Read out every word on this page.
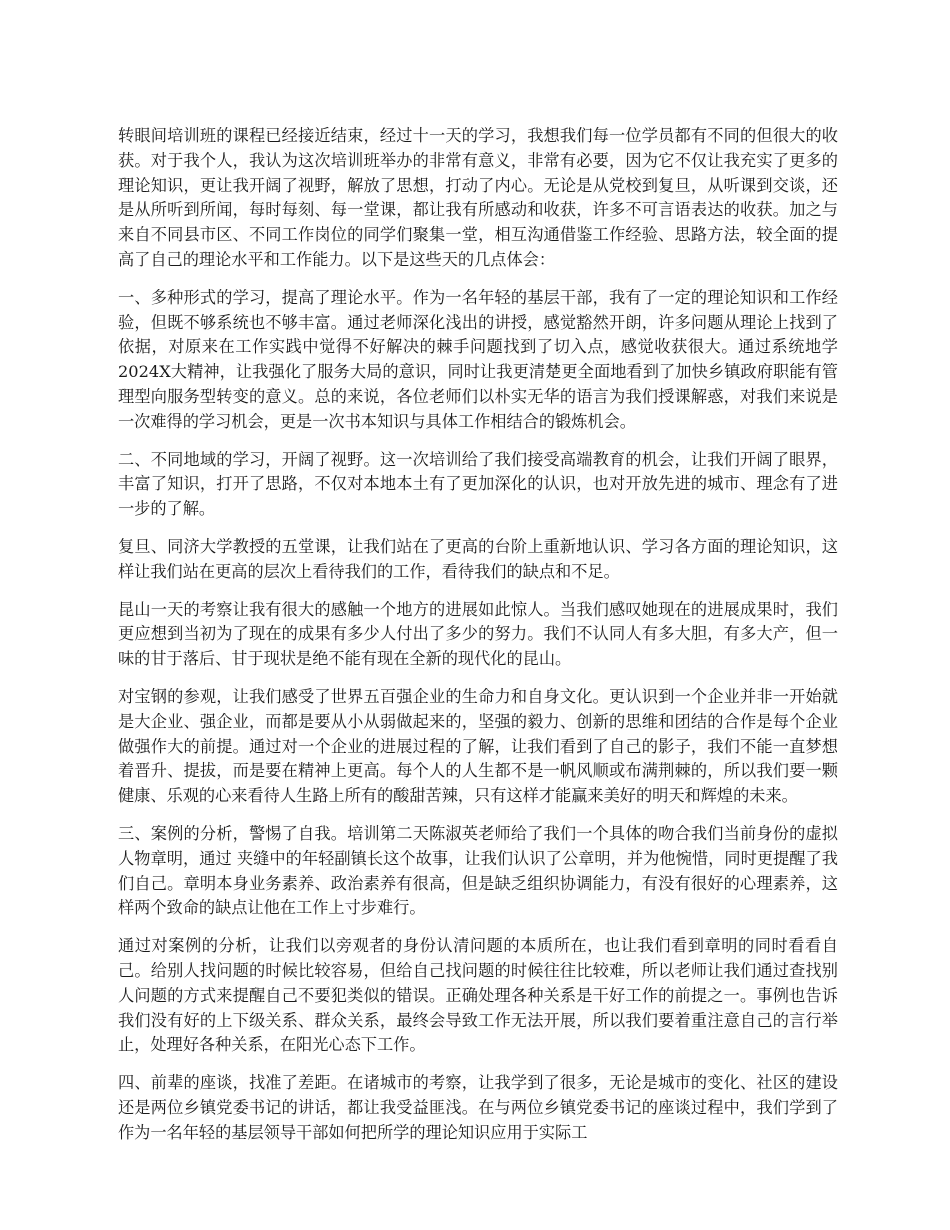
转眼间培训班的课程已经接近结束，经过十一天的学习，我想我们每一位学员都有不同的但很大的收获。对于我个人，我认为这次培训班举办的非常有意义，非常有必要，因为它不仅让我充实了更多的理论知识，更让我开阔了视野，解放了思想，打动了内心。无论是从党校到复旦，从听课到交谈，还是从所听到所闻，每时每刻、每一堂课，都让我有所感动和收获，许多不可言语表达的收获。加之与来自不同县市区、不同工作岗位的同学们聚集一堂，相互沟通借鉴工作经验、思路方法，较全面的提高了自己的理论水平和工作能力。以下是这些天的几点体会：

一、多种形式的学习，提高了理论水平。作为一名年轻的基层干部，我有了一定的理论知识和工作经验，但既不够系统也不够丰富。通过老师深化浅出的讲授，感觉豁然开朗，许多问题从理论上找到了依据，对原来在工作实践中觉得不好解决的棘手问题找到了切入点，感觉收获很大。通过系统地学2024X大精神，让我强化了服务大局的意识，同时让我更清楚更全面地看到了加快乡镇政府职能有管理型向服务型转变的意义。总的来说，各位老师们以朴实无华的语言为我们授课解惑，对我们来说是一次难得的学习机会，更是一次书本知识与具体工作相结合的锻炼机会。

二、不同地域的学习，开阔了视野。这一次培训给了我们接受高端教育的机会，让我们开阔了眼界，丰富了知识，打开了思路，不仅对本地本土有了更加深化的认识，也对开放先进的城市、理念有了进一步的了解。

复旦、同济大学教授的五堂课，让我们站在了更高的台阶上重新地认识、学习各方面的理论知识，这样让我们站在更高的层次上看待我们的工作，看待我们的缺点和不足。

昆山一天的考察让我有很大的感触一个地方的进展如此惊人。当我们感叹她现在的进展成果时，我们更应想到当初为了现在的成果有多少人付出了多少的努力。我们不认同人有多大胆，有多大产，但一味的甘于落后、甘于现状是绝不能有现在全新的现代化的昆山。

对宝钢的参观，让我们感受了世界五百强企业的生命力和自身文化。更认识到一个企业并非一开始就是大企业、强企业，而都是要从小从弱做起来的，坚强的毅力、创新的思维和团结的合作是每个企业做强作大的前提。通过对一个企业的进展过程的了解，让我们看到了自己的影子，我们不能一直梦想着晋升、提拔，而是要在精神上更高。每个人的人生都不是一帆风顺或布满荆棘的，所以我们要一颗健康、乐观的心来看待人生路上所有的酸甜苦辣，只有这样才能赢来美好的明天和辉煌的未来。

三、案例的分析，警惕了自我。培训第二天陈淑英老师给了我们一个具体的吻合我们当前身份的虚拟人物章明，通过 夹缝中的年轻副镇长这个故事，让我们认识了公章明，并为他惋惜，同时更提醒了我们自己。章明本身业务素养、政治素养有很高，但是缺乏组织协调能力，有没有很好的心理素养，这样两个致命的缺点让他在工作上寸步难行。

通过对案例的分析，让我们以旁观者的身份认清问题的本质所在，也让我们看到章明的同时看看自己。给别人找问题的时候比较容易，但给自己找问题的时候往往比较难，所以老师让我们通过查找别人问题的方式来提醒自己不要犯类似的错误。正确处理各种关系是干好工作的前提之一。事例也告诉我们没有好的上下级关系、群众关系，最终会导致工作无法开展，所以我们要着重注意自己的言行举止，处理好各种关系，在阳光心态下工作。

四、前辈的座谈，找准了差距。在诸城市的考察，让我学到了很多，无论是城市的变化、社区的建设还是两位乡镇党委书记的讲话，都让我受益匪浅。在与两位乡镇党委书记的座谈过程中，我们学到了作为一名年轻的基层领导干部如何把所学的理论知识应用于实际工
